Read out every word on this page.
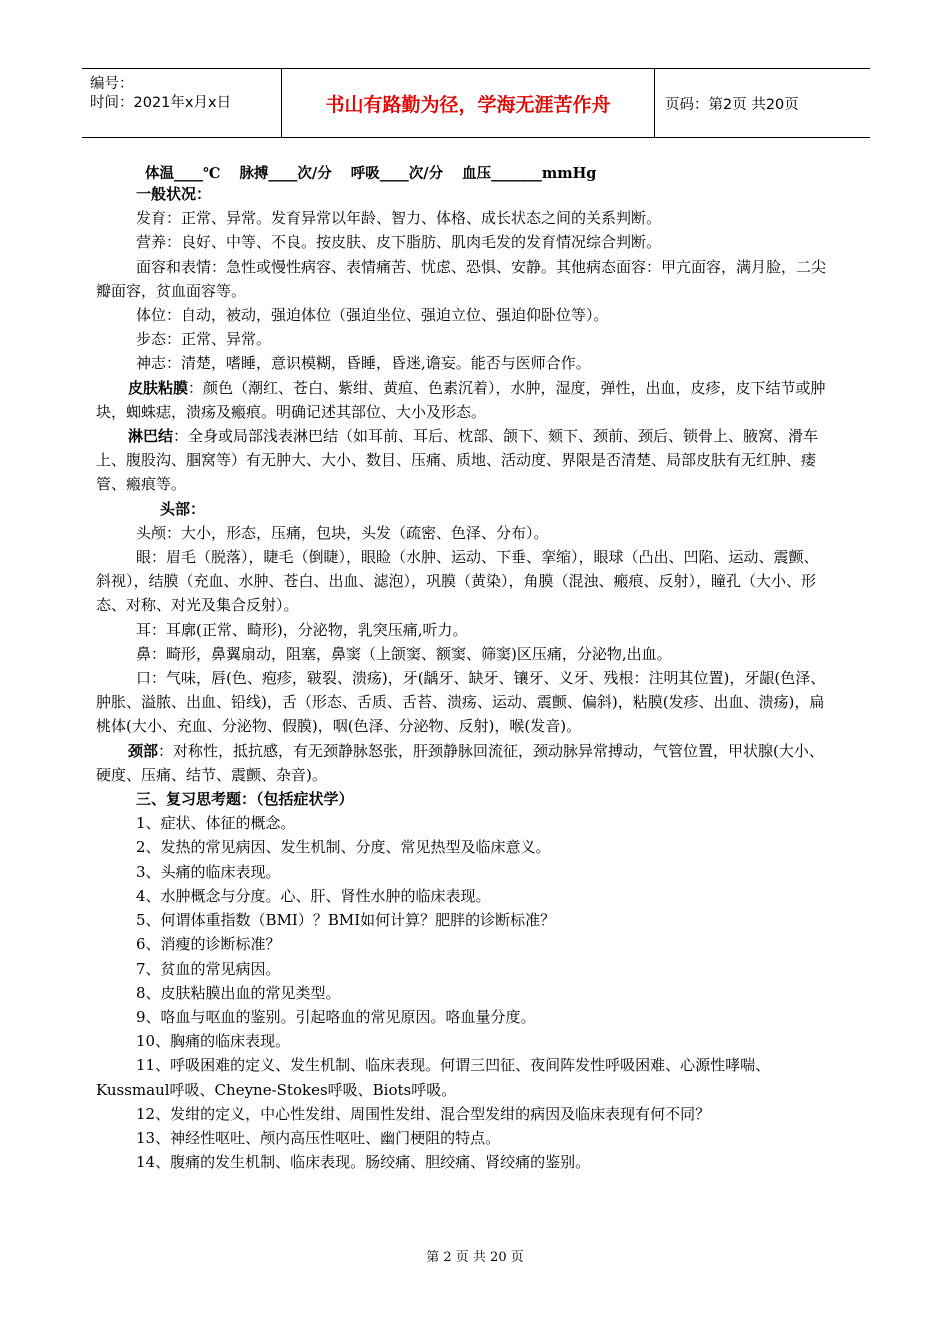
编号：
时间：2021年x月x日	书山有路勤为径，学海无涯苦作舟	页码：第2页 共20页
体温____℃ 脉搏____次/分 呼吸____次/分 血压_______mmHg

一般状况：

发育：正常、异常。发育异常以年龄、智力、体格、成长状态之间的关系判断。

营养：良好、中等、不良。按皮肤、皮下脂肪、肌肉毛发的发育情况综合判断。

面容和表情：急性或慢性病容、表情痛苦、忧虑、恐惧、安静。其他病态面容：甲亢面容，满月脸，二尖瓣面容，贫血面容等。

体位：自动，被动，强迫体位（强迫坐位、强迫立位、强迫仰卧位等）。

步态：正常、异常。

神志：清楚，嗜睡，意识模糊，昏睡，昏迷,谵妄。能否与医师合作。

皮肤粘膜：颜色（潮红、苍白、紫绀、黄疸、色素沉着），水肿，湿度，弹性，出血，皮疹，皮下结节或肿块，蜘蛛痣，溃疡及瘢痕。明确记述其部位、大小及形态。

淋巴结：全身或局部浅表淋巴结（如耳前、耳后、枕部、颌下、颏下、颈前、颈后、锁骨上、腋窝、滑车上、腹股沟、腘窝等）有无肿大、大小、数目、压痛、质地、活动度、界限是否清楚、局部皮肤有无红肿、瘘管、瘢痕等。

头部：

头颅：大小，形态，压痛，包块，头发（疏密、色泽、分布）。

眼：眉毛（脱落），睫毛（倒睫），眼睑（水肿、运动、下垂、挛缩），眼球（凸出、凹陷、运动、震颤、斜视），结膜（充血、水肿、苍白、出血、滤泡），巩膜（黄染），角膜（混浊、瘢痕、反射），瞳孔（大小、形态、对称、对光及集合反射）。

耳：耳廓(正常、畸形)，分泌物，乳突压痛,听力。

鼻：畸形，鼻翼扇动，阻塞，鼻窦（上颌窦、额窦、筛窦)区压痛，分泌物,出血。

口：气味，唇(色、疱疹，皲裂、溃疡)，牙(龋牙、缺牙、镶牙、义牙、残根：注明其位置)，牙龈(色泽、肿胀、溢脓、出血、铅线)，舌（形态、舌质、舌苔、溃疡、运动、震颤、偏斜)，粘膜(发疹、出血、溃疡)，扁桃体(大小、充血、分泌物、假膜)，咽(色泽、分泌物、反射)，喉(发音)。

颈部：对称性，抵抗感，有无颈静脉怒张，肝颈静脉回流征，颈动脉异常搏动，气管位置，甲状腺(大小、硬度、压痛、结节、震颤、杂音)。

三、复习思考题：（包括症状学）

1、症状、体征的概念。

2、发热的常见病因、发生机制、分度、常见热型及临床意义。

3、头痛的临床表现。

4、水肿概念与分度。心、肝、肾性水肿的临床表现。

5、何谓体重指数（BMI）？BMI如何计算？肥胖的诊断标准？

6、消瘦的诊断标准？

7、贫血的常见病因。

8、皮肤粘膜出血的常见类型。

9、咯血与呕血的鉴别。引起咯血的常见原因。咯血量分度。

10、胸痛的临床表现。

11、呼吸困难的定义、发生机制、临床表现。何谓三凹征、夜间阵发性呼吸困难、心源性哮喘、Kussmaul呼吸、Cheyne-Stokes呼吸、Biots呼吸。

12、发绀的定义，中心性发绀、周围性发绀、混合型发绀的病因及临床表现有何不同？

13、神经性呕吐、颅内高压性呕吐、幽门梗阻的特点。

14、腹痛的发生机制、临床表现。肠绞痛、胆绞痛、肾绞痛的鉴别。

第 2 页 共 20 页
